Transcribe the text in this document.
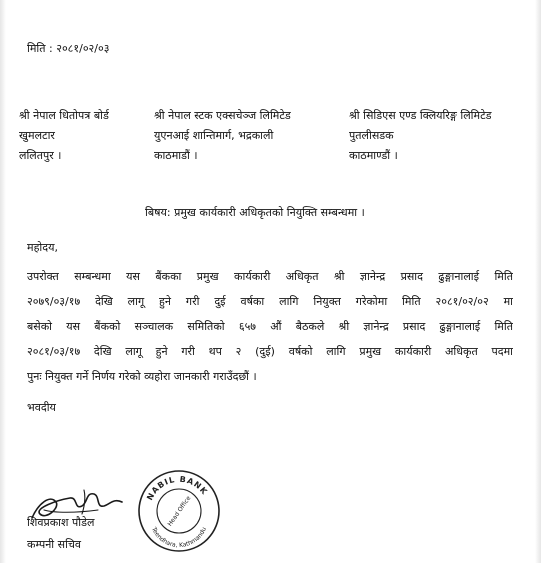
मिति : २०८१/०२/०३
श्री नेपाल धितोपत्र बोर्ड
खुमलटार
ललितपुर ।
श्री नेपाल स्टक एक्सचेञ्ज लिमिटेड
युएनआई शान्तिमार्ग, भद्रकाली
काठमाडौं ।
श्री सिडिएस एण्ड क्लियरिङ्ग लिमिटेड
पुतलीसडक
काठमाण्डौं ।
बिषय: प्रमुख कार्यकारी अधिकृतको नियुक्ति सम्बन्धमा ।
महोदय,
उपरोक्त सम्बन्धमा यस बैंकका प्रमुख कार्यकारी अधिकृत श्री ज्ञानेन्द्र प्रसाद ढुङ्गानालाई मिति
२०७९/०३/१७ देखि लागू हुने गरी दुई वर्षका लागि नियुक्त गरेकोमा मिति २०८१/०२/०२ मा
बसेको यस बैंकको सञ्चालक समितिको ६५७ औं बैठकले श्री ज्ञानेन्द्र प्रसाद ढुङ्गानालाई मिति
२०८१/०३/१७ देखि लागू हुने गरी थप २ (दुई) वर्षको लागि प्रमुख कार्यकारी अधिकृत पदमा
पुनः नियुक्त गर्ने निर्णय गरेको व्यहोरा जानकारी गराउँदछौं ।
भवदीय
शिवप्रकाश पौडेल
कम्पनी सचिव
NABIL BANK
Teendhara, Kathmandu
Head Office
